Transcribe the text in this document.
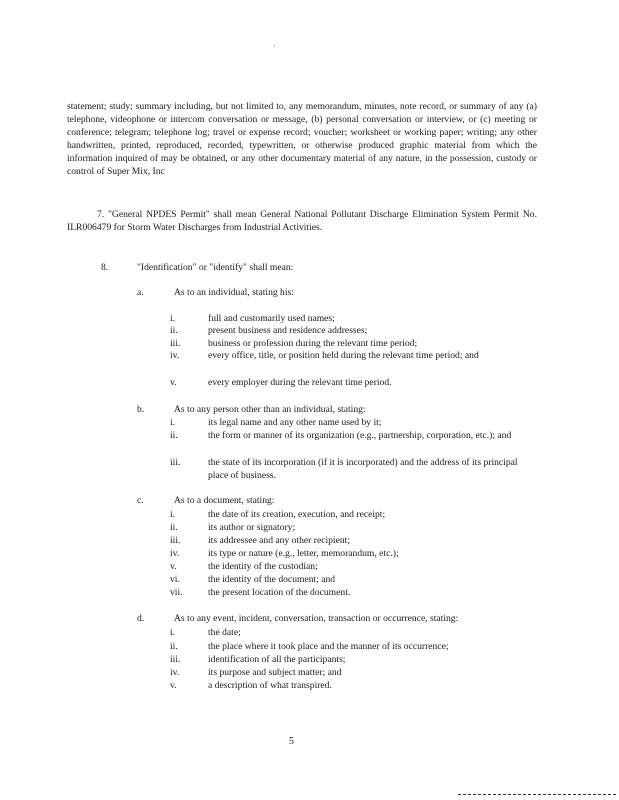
'

statement; study; summary including, but not limited to, any memorandum, minutes, note record, or summary of any (a) telephone, videophone or intercom conversation or message, (b) personal conversation or interview, or (c) meeting or conference; telegram; telephone log; travel or expense record; voucher; worksheet or working paper; writing; any other handwritten, printed, reproduced, recorded, typewritten, or otherwise produced graphic material from which the information inquired of may be obtained, or any other documentary material of any nature, in the possession, custody or control of Super Mix, Inc

7. "General NPDES Permit" shall mean General National Pollutant Discharge Elimination System Permit No. ILR006479 for Storm Water Discharges from Industrial Activities.

8.	"Identification" or "identify" shall mean:
a.	As to an individual, stating his:
i.	full and customarily used names;
ii.	present business and residence addresses;
iii.	business or profession during the relevant time period;
iv.	every office, title, or position held during the relevant time period; and
v.	every employer during the relevant time period.
b.	As to any person other than an individual, stating:
i.	its legal name and any other name used by it;
ii.	the form or manner of its organization (e.g., partnership, corporation, etc.); and
iii.	the state of its incorporation (if it is incorporated) and the address of its principal place of business.
c.	As to a document, stating:
i.	the date of its creation, execution, and receipt;
ii.	its author or signatory;
iii.	its addressee and any other recipient;
iv.	its type or nature (e.g., letter, memorandum, etc.);
v.	the identity of the custodian;
vi.	the identity of the document; and
vii.	the present location of the document.
d.	As to any event, incident, conversation, transaction or occurrence, stating:
i.	the date;
ii.	the place where it took place and the manner of its occurrence;
iii.	identification of all the participants;
iv.	its purpose and subject matter; and
v.	a description of what transpired.
5
